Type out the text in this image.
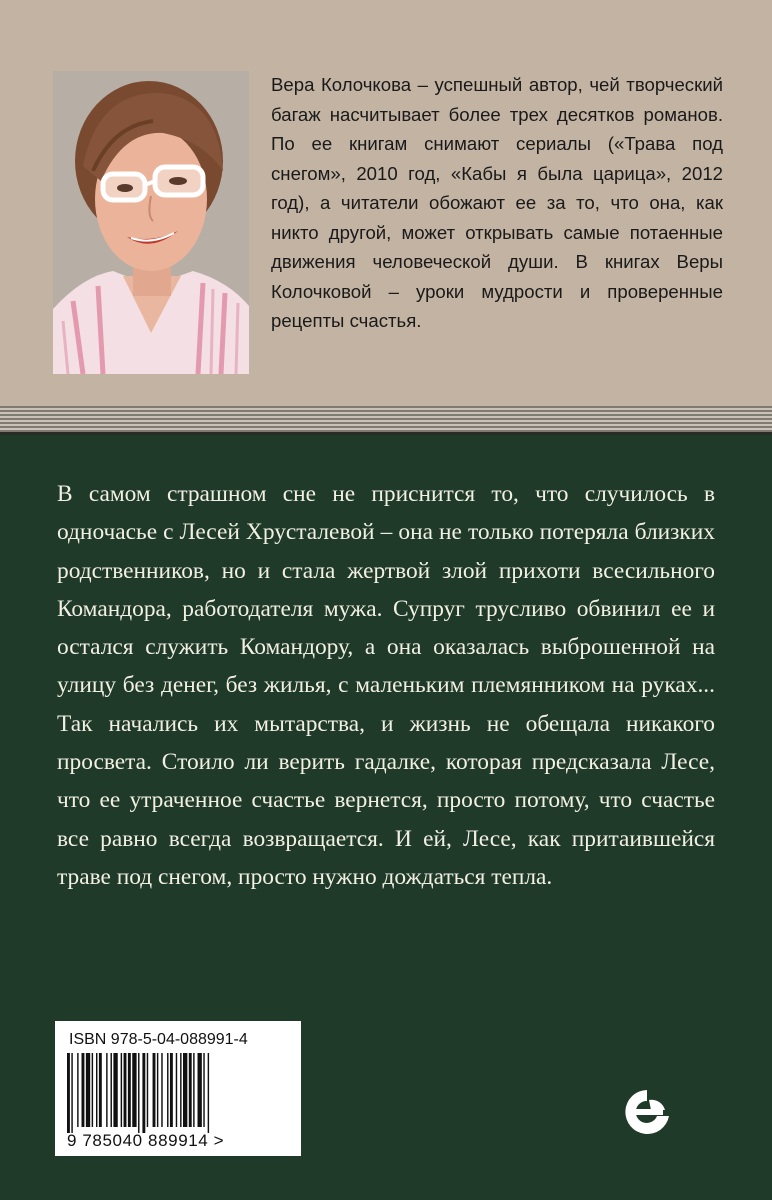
Вера Колочкова – успешный автор, чей творческий багаж насчитывает более трех десятков романов. По ее книгам снимают сериалы («Трава под снегом», 2010 год, «Кабы я была царица», 2012 год), а читатели обожают ее за то, что она, как никто другой, может открывать самые потаенные движения человеческой души. В книгах Веры Колочковой – уроки мудрости и проверенные рецепты счастья.

В самом страшном сне не приснится то, что случилось в одночасье с Лесей Хрусталевой – она не только потеряла близких родственников, но и стала жертвой злой прихоти всесильного Командора, работодателя мужа. Супруг трусливо обвинил ее и остался служить Командору, а она оказалась выброшенной на улицу без денег, без жилья, с маленьким племянником на руках... Так начались их мытарства, и жизнь не обещала никакого просвета. Стоило ли верить гадалке, которая предсказала Лесе, что ее утраченное счастье вернется, просто потому, что счастье все равно всегда возвращается. И ей, Лесе, как притаившейся траве под снегом, просто нужно дождаться тепла.

ISBN 978-5-04-088991-4
9 785040 889914 >
